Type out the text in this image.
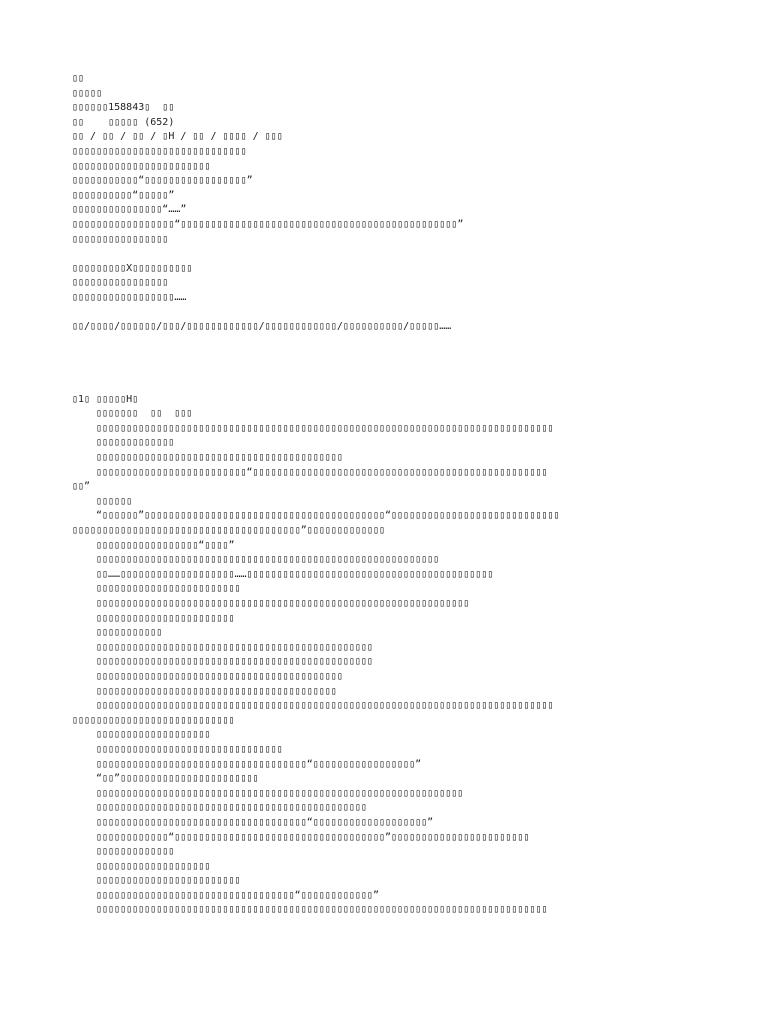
▯▯

▯▯▯▯▯

▯▯▯▯▯▯158843▯  ▯▯

▯▯    ▯▯▯▯▯ (652)

▯▯ / ▯▯ / ▯▯ / ▯H / ▯▯ / ▯▯▯▯ / ▯▯▯

▯▯▯▯▯▯▯▯▯▯▯▯▯▯▯▯▯▯▯▯▯▯▯▯▯▯▯▯▯

▯▯▯▯▯▯▯▯▯▯▯▯▯▯▯▯▯▯▯▯▯▯▯

▯▯▯▯▯▯▯▯▯▯▯“▯▯▯▯▯▯▯▯▯▯▯▯▯▯▯▯▯”

▯▯▯▯▯▯▯▯▯▯“▯▯▯▯▯”

▯▯▯▯▯▯▯▯▯▯▯▯▯▯▯“……”

▯▯▯▯▯▯▯▯▯▯▯▯▯▯▯▯▯“▯▯▯▯▯▯▯▯▯▯▯▯▯▯▯▯▯▯▯▯▯▯▯▯▯▯▯▯▯▯▯▯▯▯▯▯▯▯▯▯▯▯▯▯▯▯”

▯▯▯▯▯▯▯▯▯▯▯▯▯▯▯▯

▯▯▯▯▯▯▯▯▯X▯▯▯▯▯▯▯▯▯▯

▯▯▯▯▯▯▯▯▯▯▯▯▯▯▯▯

▯▯▯▯▯▯▯▯▯▯▯▯▯▯▯▯▯……

▯▯/▯▯▯▯/▯▯▯▯▯▯/▯▯▯/▯▯▯▯▯▯▯▯▯▯▯▯/▯▯▯▯▯▯▯▯▯▯▯▯/▯▯▯▯▯▯▯▯▯▯/▯▯▯▯▯……

▯1▯ ▯▯▯▯▯H▯

▯▯▯▯▯▯▯  ▯▯  ▯▯▯

▯▯▯▯▯▯▯▯▯▯▯▯▯▯▯▯▯▯▯▯▯▯▯▯▯▯▯▯▯▯▯▯▯▯▯▯▯▯▯▯▯▯▯▯▯▯▯▯▯▯▯▯▯▯▯▯▯▯▯▯▯▯▯▯▯▯▯▯▯▯▯▯▯▯▯▯

▯▯▯▯▯▯▯▯▯▯▯▯▯

▯▯▯▯▯▯▯▯▯▯▯▯▯▯▯▯▯▯▯▯▯▯▯▯▯▯▯▯▯▯▯▯▯▯▯▯▯▯▯▯▯

▯▯▯▯▯▯▯▯▯▯▯▯▯▯▯▯▯▯▯▯▯▯▯▯▯“▯▯▯▯▯▯▯▯▯▯▯▯▯▯▯▯▯▯▯▯▯▯▯▯▯▯▯▯▯▯▯▯▯▯▯▯▯▯▯▯▯▯▯▯▯▯▯▯▯

▯▯”

▯▯▯▯▯▯

“▯▯▯▯▯▯”▯▯▯▯▯▯▯▯▯▯▯▯▯▯▯▯▯▯▯▯▯▯▯▯▯▯▯▯▯▯▯▯▯▯▯▯▯▯▯▯“▯▯▯▯▯▯▯▯▯▯▯▯▯▯▯▯▯▯▯▯▯▯▯▯▯▯▯▯

▯▯▯▯▯▯▯▯▯▯▯▯▯▯▯▯▯▯▯▯▯▯▯▯▯▯▯▯▯▯▯▯▯▯▯▯▯▯”▯▯▯▯▯▯▯▯▯▯▯▯▯

▯▯▯▯▯▯▯▯▯▯▯▯▯▯▯▯▯“▯▯▯▯”

▯▯▯▯▯▯▯▯▯▯▯▯▯▯▯▯▯▯▯▯▯▯▯▯▯▯▯▯▯▯▯▯▯▯▯▯▯▯▯▯▯▯▯▯▯▯▯▯▯▯▯▯▯▯▯▯▯

▯▯……▯▯▯▯▯▯▯▯▯▯▯▯▯▯▯▯▯▯▯……▯▯▯▯▯▯▯▯▯▯▯▯▯▯▯▯▯▯▯▯▯▯▯▯▯▯▯▯▯▯▯▯▯▯▯▯▯▯▯▯▯

▯▯▯▯▯▯▯▯▯▯▯▯▯▯▯▯▯▯▯▯▯▯▯▯

▯▯▯▯▯▯▯▯▯▯▯▯▯▯▯▯▯▯▯▯▯▯▯▯▯▯▯▯▯▯▯▯▯▯▯▯▯▯▯▯▯▯▯▯▯▯▯▯▯▯▯▯▯▯▯▯▯▯▯▯▯▯

▯▯▯▯▯▯▯▯▯▯▯▯▯▯▯▯▯▯▯▯▯▯▯

▯▯▯▯▯▯▯▯▯▯▯

▯▯▯▯▯▯▯▯▯▯▯▯▯▯▯▯▯▯▯▯▯▯▯▯▯▯▯▯▯▯▯▯▯▯▯▯▯▯▯▯▯▯▯▯▯▯

▯▯▯▯▯▯▯▯▯▯▯▯▯▯▯▯▯▯▯▯▯▯▯▯▯▯▯▯▯▯▯▯▯▯▯▯▯▯▯▯▯▯▯▯▯▯

▯▯▯▯▯▯▯▯▯▯▯▯▯▯▯▯▯▯▯▯▯▯▯▯▯▯▯▯▯▯▯▯▯▯▯▯▯▯▯▯▯

▯▯▯▯▯▯▯▯▯▯▯▯▯▯▯▯▯▯▯▯▯▯▯▯▯▯▯▯▯▯▯▯▯▯▯▯▯▯▯▯

▯▯▯▯▯▯▯▯▯▯▯▯▯▯▯▯▯▯▯▯▯▯▯▯▯▯▯▯▯▯▯▯▯▯▯▯▯▯▯▯▯▯▯▯▯▯▯▯▯▯▯▯▯▯▯▯▯▯▯▯▯▯▯▯▯▯▯▯▯▯▯▯▯▯▯▯

▯▯▯▯▯▯▯▯▯▯▯▯▯▯▯▯▯▯▯▯▯▯▯▯▯▯▯

▯▯▯▯▯▯▯▯▯▯▯▯▯▯▯▯▯▯▯

▯▯▯▯▯▯▯▯▯▯▯▯▯▯▯▯▯▯▯▯▯▯▯▯▯▯▯▯▯▯▯

▯▯▯▯▯▯▯▯▯▯▯▯▯▯▯▯▯▯▯▯▯▯▯▯▯▯▯▯▯▯▯▯▯▯▯“▯▯▯▯▯▯▯▯▯▯▯▯▯▯▯▯▯”

“▯▯”▯▯▯▯▯▯▯▯▯▯▯▯▯▯▯▯▯▯▯▯▯▯▯

▯▯▯▯▯▯▯▯▯▯▯▯▯▯▯▯▯▯▯▯▯▯▯▯▯▯▯▯▯▯▯▯▯▯▯▯▯▯▯▯▯▯▯▯▯▯▯▯▯▯▯▯▯▯▯▯▯▯▯▯▯

▯▯▯▯▯▯▯▯▯▯▯▯▯▯▯▯▯▯▯▯▯▯▯▯▯▯▯▯▯▯▯▯▯▯▯▯▯▯▯▯▯▯▯▯▯

▯▯▯▯▯▯▯▯▯▯▯▯▯▯▯▯▯▯▯▯▯▯▯▯▯▯▯▯▯▯▯▯▯▯▯“▯▯▯▯▯▯▯▯▯▯▯▯▯▯▯▯▯▯▯”

▯▯▯▯▯▯▯▯▯▯▯▯“▯▯▯▯▯▯▯▯▯▯▯▯▯▯▯▯▯▯▯▯▯▯▯▯▯▯▯▯▯▯▯▯▯▯▯”▯▯▯▯▯▯▯▯▯▯▯▯▯▯▯▯▯▯▯▯▯▯▯

▯▯▯▯▯▯▯▯▯▯▯▯▯

▯▯▯▯▯▯▯▯▯▯▯▯▯▯▯▯▯▯▯

▯▯▯▯▯▯▯▯▯▯▯▯▯▯▯▯▯▯▯▯▯▯▯▯

▯▯▯▯▯▯▯▯▯▯▯▯▯▯▯▯▯▯▯▯▯▯▯▯▯▯▯▯▯▯▯▯▯“▯▯▯▯▯▯▯▯▯▯▯▯”

▯▯▯▯▯▯▯▯▯▯▯▯▯▯▯▯▯▯▯▯▯▯▯▯▯▯▯▯▯▯▯▯▯▯▯▯▯▯▯▯▯▯▯▯▯▯▯▯▯▯▯▯▯▯▯▯▯▯▯▯▯▯▯▯▯▯▯▯▯▯▯▯▯▯▯
